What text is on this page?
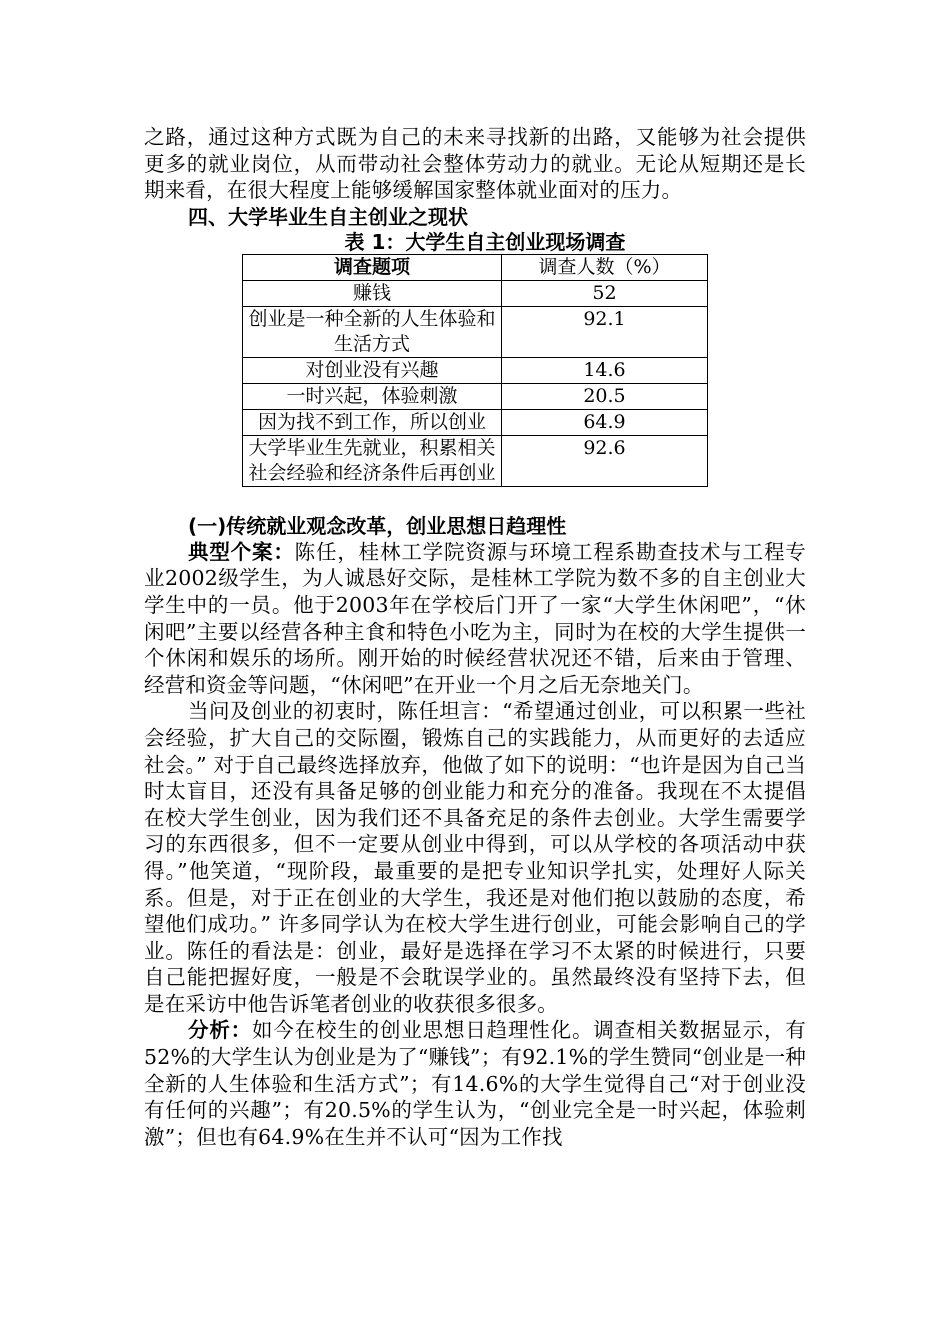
之路，通过这种方式既为自己的未来寻找新的出路，又能够为社会提供更多的就业岗位，从而带动社会整体劳动力的就业。无论从短期还是长期来看，在很大程度上能够缓解国家整体就业面对的压力。

四、大学毕业生自主创业之现状

表 1：大学生自主创业现场调查

调查题项	调查人数（%）
赚钱	52
创业是一种全新的人生体验和生活方式	92.1
对创业没有兴趣	14.6
一时兴起，体验刺激	20.5
因为找不到工作，所以创业	64.9
大学毕业生先就业，积累相关社会经验和经济条件后再创业	92.6

(一)传统就业观念改革，创业思想日趋理性

典型个案：陈任，桂林工学院资源与环境工程系勘查技术与工程专业2002级学生，为人诚恳好交际，是桂林工学院为数不多的自主创业大学生中的一员。他于2003年在学校后门开了一家“大学生休闲吧”，“休闲吧”主要以经营各种主食和特色小吃为主，同时为在校的大学生提供一个休闲和娱乐的场所。刚开始的时候经营状况还不错，后来由于管理、经营和资金等问题，“休闲吧”在开业一个月之后无奈地关门。

当问及创业的初衷时，陈任坦言：“希望通过创业，可以积累一些社会经验，扩大自己的交际圈，锻炼自己的实践能力，从而更好的去适应社会。” 对于自己最终选择放弃，他做了如下的说明：“也许是因为自己当时太盲目，还没有具备足够的创业能力和充分的准备。我现在不太提倡在校大学生创业，因为我们还不具备充足的条件去创业。大学生需要学习的东西很多，但不一定要从创业中得到，可以从学校的各项活动中获得。”他笑道，“现阶段，最重要的是把专业知识学扎实，处理好人际关系。但是，对于正在创业的大学生，我还是对他们抱以鼓励的态度，希望他们成功。” 许多同学认为在校大学生进行创业，可能会影响自己的学业。陈任的看法是：创业，最好是选择在学习不太紧的时候进行，只要自己能把握好度，一般是不会耽误学业的。虽然最终没有坚持下去，但是在采访中他告诉笔者创业的收获很多很多。

分析：如今在校生的创业思想日趋理性化。调查相关数据显示，有52%的大学生认为创业是为了“赚钱”；有92.1%的学生赞同“创业是一种全新的人生体验和生活方式”；有14.6%的大学生觉得自己“对于创业没有任何的兴趣”；有20.5%的学生认为，“创业完全是一时兴起，体验刺激”；但也有64.9%在生并不认可“因为工作找
